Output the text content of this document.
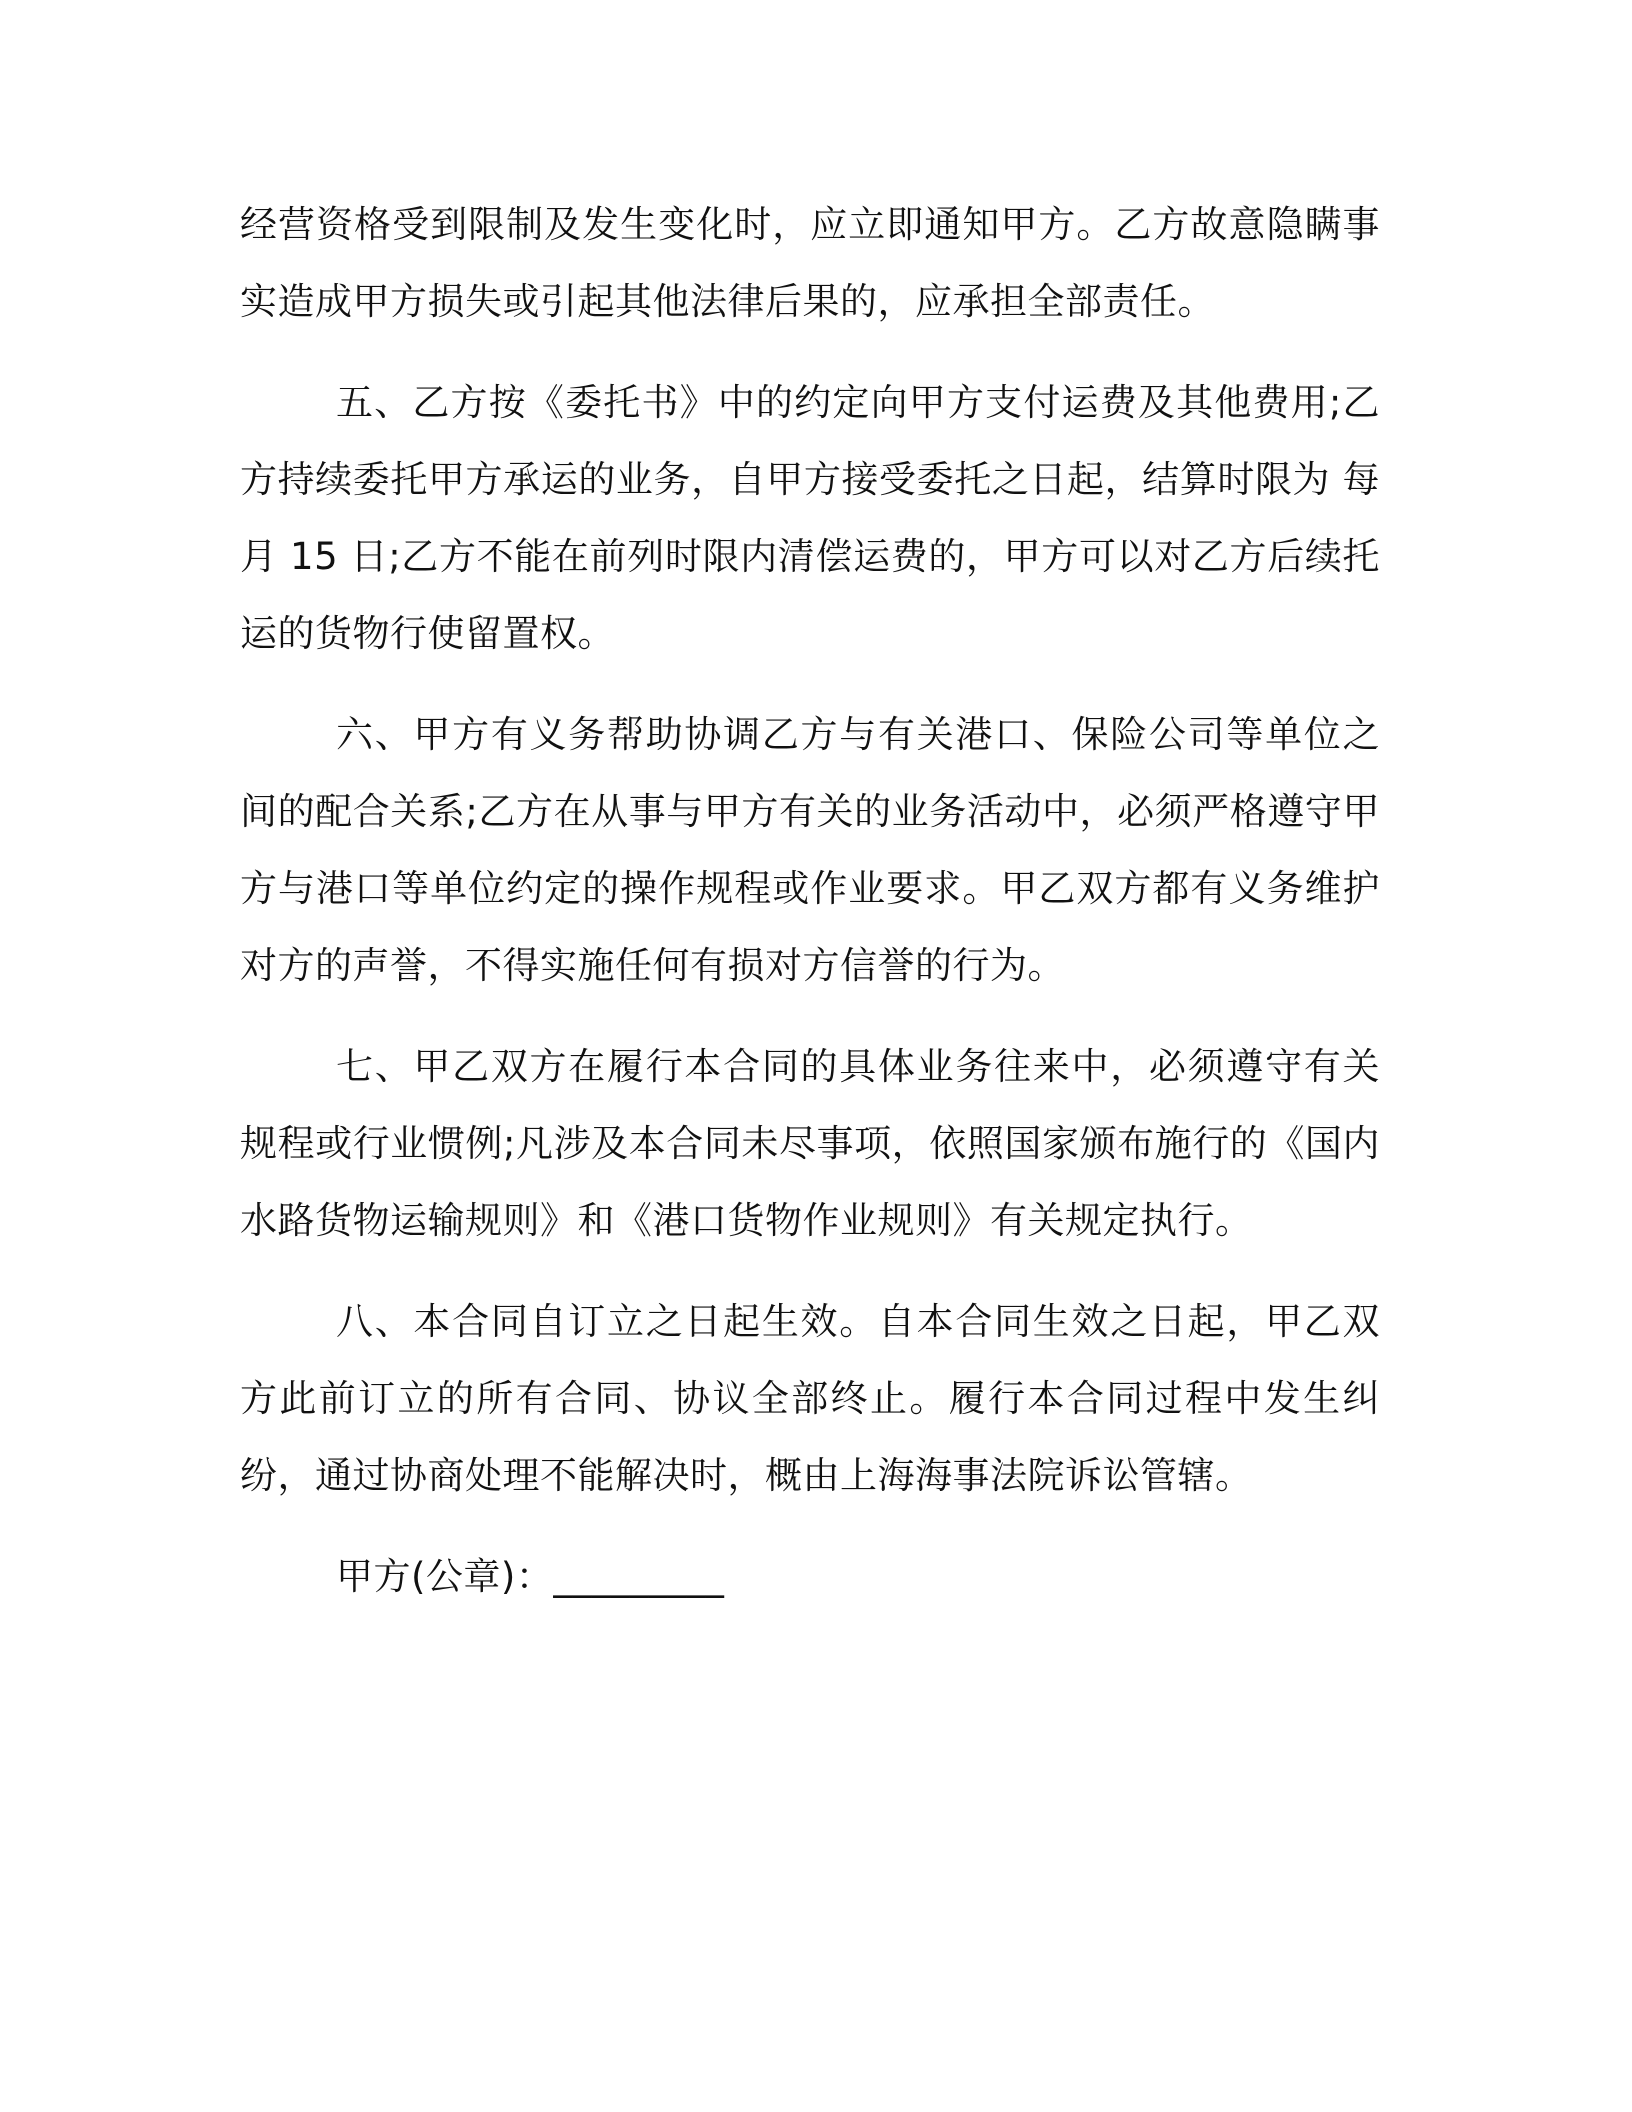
经营资格受到限制及发生变化时，应立即通知甲方。乙方故意隐瞒事实造成甲方损失或引起其他法律后果的，应承担全部责任。

五、乙方按《委托书》中的约定向甲方支付运费及其他费用;乙方持续委托甲方承运的业务，自甲方接受委托之日起，结算时限为 每月 15 日;乙方不能在前列时限内清偿运费的，甲方可以对乙方后续托运的货物行使留置权。

六、甲方有义务帮助协调乙方与有关港口、保险公司等单位之间的配合关系;乙方在从事与甲方有关的业务活动中，必须严格遵守甲方与港口等单位约定的操作规程或作业要求。甲乙双方都有义务维护对方的声誉，不得实施任何有损对方信誉的行为。

七、甲乙双方在履行本合同的具体业务往来中，必须遵守有关规程或行业惯例;凡涉及本合同未尽事项，依照国家颁布施行的《国内水路货物运输规则》和《港口货物作业规则》有关规定执行。

八、本合同自订立之日起生效。自本合同生效之日起，甲乙双方此前订立的所有合同、协议全部终止。履行本合同过程中发生纠纷，通过协商处理不能解决时，概由上海海事法院诉讼管辖。

甲方(公章)：_________
